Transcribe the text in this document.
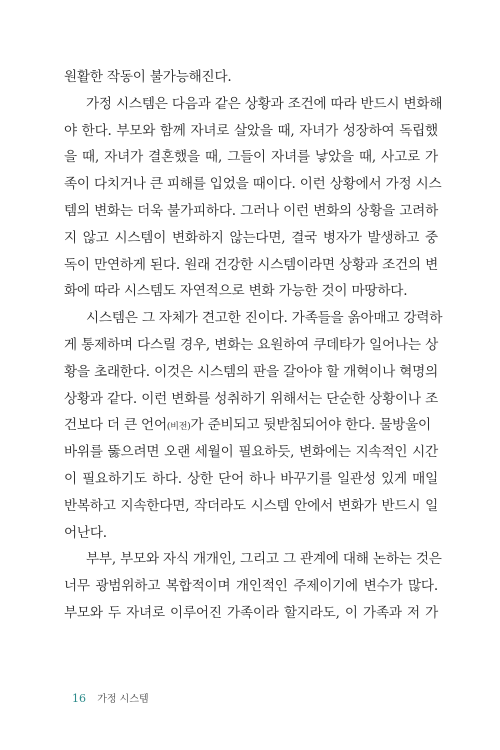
원활한 작동이 불가능해진다.
가정 시스템은 다음과 같은 상황과 조건에 따라 반드시 변화해
야 한다. 부모와 함께 자녀로 살았을 때, 자녀가 성장하여 독립했
을 때, 자녀가 결혼했을 때, 그들이 자녀를 낳았을 때, 사고로 가
족이 다치거나 큰 피해를 입었을 때이다. 이런 상황에서 가정 시스
템의 변화는 더욱 불가피하다. 그러나 이런 변화의 상황을 고려하
지 않고 시스템이 변화하지 않는다면, 결국 병자가 발생하고 중
독이 만연하게 된다. 원래 건강한 시스템이라면 상황과 조건의 변
화에 따라 시스템도 자연적으로 변화 가능한 것이 마땅하다.
시스템은 그 자체가 견고한 진이다. 가족들을 옭아매고 강력하
게 통제하며 다스릴 경우, 변화는 요원하여 쿠데타가 일어나는 상
황을 초래한다. 이것은 시스템의 판을 갈아야 할 개혁이나 혁명의
상황과 같다. 이런 변화를 성취하기 위해서는 단순한 상황이나 조
건보다 더 큰 언어(비전)가 준비되고 뒷받침되어야 한다. 물방울이
바위를 뚫으려면 오랜 세월이 필요하듯, 변화에는 지속적인 시간
이 필요하기도 하다. 상한 단어 하나 바꾸기를 일관성 있게 매일
반복하고 지속한다면, 작더라도 시스템 안에서 변화가 반드시 일
어난다.
부부, 부모와 자식 개개인, 그리고 그 관계에 대해 논하는 것은
너무 광범위하고 복합적이며 개인적인 주제이기에 변수가 많다.
부모와 두 자녀로 이루어진 가족이라 할지라도, 이 가족과 저 가
16 가정 시스템
